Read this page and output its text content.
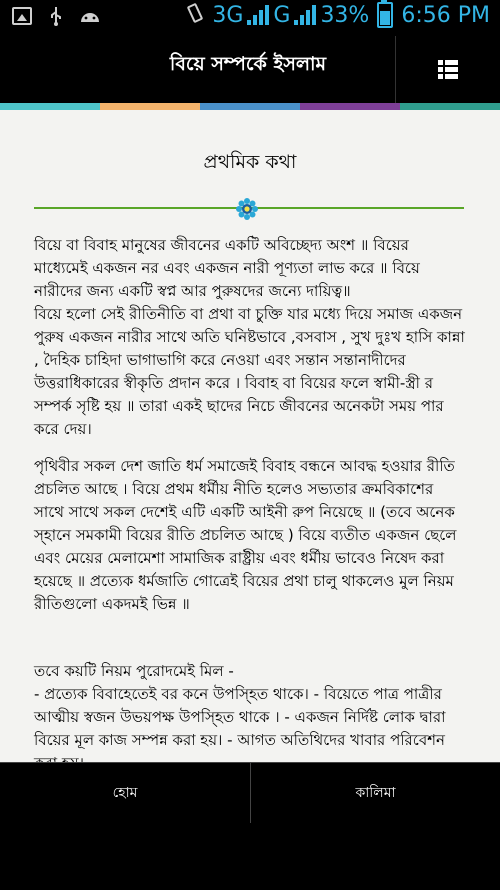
3G G 33% 6:56 PM
বিয়ে সম্পর্কে ইসলাম
প্রথমিক কথা
বিয়ে বা বিবাহ মানুষের জীবনের একটি অবিচ্ছেদ্য অংশ ॥ বিয়ের মাধ্যেমেই একজন নর এবং একজন নারী পূণ্যতা লাভ করে ॥ বিয়ে নারীদের জন্য একটি স্বপ্ন আর পুরুষদের জন্যে দায়িত্ব॥
বিয়ে হলো সেই রীতিনীতি বা প্রথা বা চুক্তি যার মধ্যে দিয়ে সমাজ একজন পুরুষ একজন নারীর সাথে অতি ঘনিষ্টভাবে ,বসবাস , সুখ দুঃখ হাসি কান্না , দৈহিক চাহিদা ভাগাভাগি করে নেওয়া এবং সন্তান সন্তানাদীদের উত্তরাধিকারের স্বীকৃতি প্রদান করে । বিবাহ বা বিয়ের ফলে স্বামী-স্ত্রী র সম্পর্ক সৃষ্টি হয় ॥ তারা একই ছাদের নিচে জীবনের অনেকটা সময় পার করে দেয়।
পৃথিবীর সকল দেশ জাতি ধর্ম সমাজেই বিবাহ বন্ধনে আবদ্ধ হওয়ার রীতি প্রচলিত আছে । বিয়ে প্রথম ধর্মীয় নীতি হলেও সভ্যতার ক্রমবিকাশের সাথে সাথে সকল দেশেই এটি একটি আইনী রুপ নিয়েছে ॥ (তবে অনেক স্হানে সমকামী বিয়ের রীতি প্রচলিত আছে ) বিয়ে ব্যতীত একজন ছেলে এবং মেয়ের মেলামেশা সামাজিক রাষ্ট্রীয় এবং ধর্মীয় ভাবেও নিষেদ করা হয়েছে ॥ প্রত্যেক ধর্মজাতি গোত্রেই বিয়ের প্রথা চালু থাকলেও মুল নিয়ম রীতিগুলো একদমই ভিন্ন ॥
তবে কয়টি নিয়ম পুরোদমেই মিল -
- প্রত্যেক বিবাহেতেই বর কনে উপস্হিত থাকে। - বিয়েতে পাত্র পাত্রীর আত্মীয় স্বজন উভয়পক্ষ উপস্হিত থাকে । - একজন নির্দিষ্ট লোক দ্বারা বিয়ের মূল কাজ সম্পন্ন করা হয়। - আগত অতিথিদের খাবার পরিবেশন
হোম	কালিমা
